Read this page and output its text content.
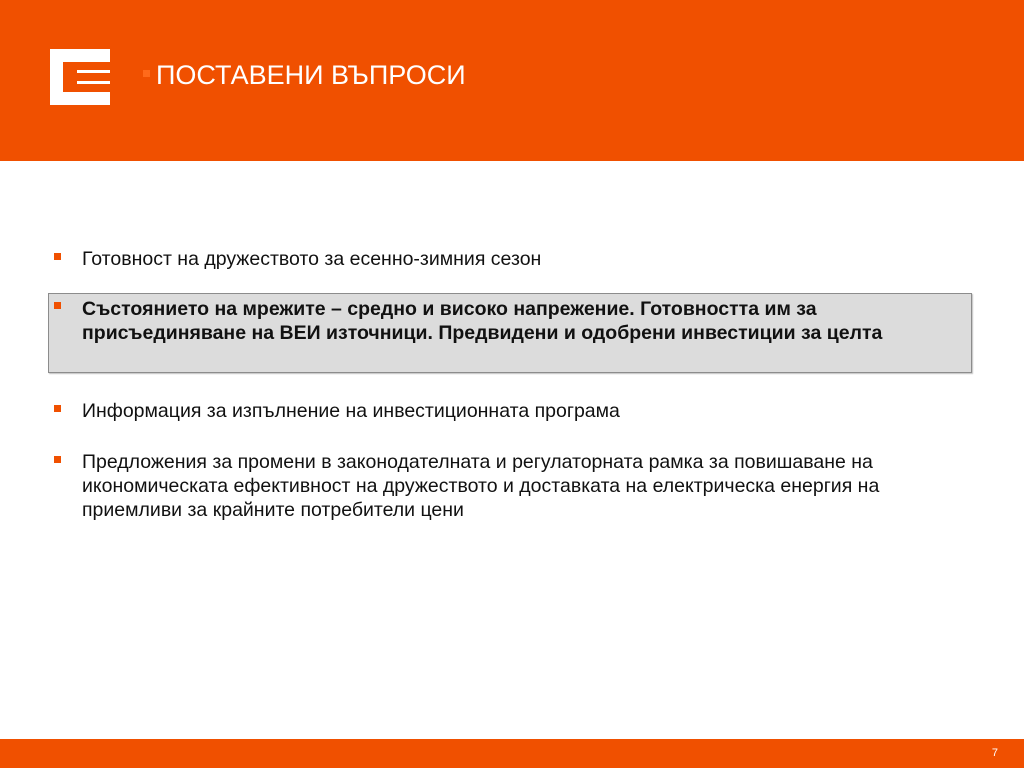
ПОСТАВЕНИ ВЪПРОСИ
Готовност на дружеството за есенно-зимния сезон
Състоянието на мрежите – средно и високо напрежение. Готовността им за присъединяване на ВЕИ източници. Предвидени и одобрени инвестиции за целта
Информация за изпълнение на инвестиционната програма
Предложения за промени в законодателната и регулаторната рамка за повишаване на икономическата ефективност на дружеството и доставката на електрическа енергия на приемливи за крайните потребители цени
7
